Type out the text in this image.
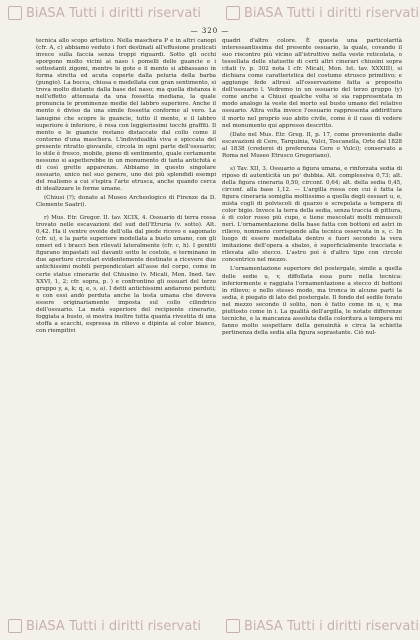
BiASA Tutti i diritti riservati	BiASA Tutti i diritti riservati
— 320 —

tecnica allo scopo artistico. Nella maschera P e in altri canopi (cfr. A, c) abbiamo veduto i fori destinati all'effusione praticati invece sulla faccia senza troppi riguardi. Sotto gli occhi sporgono molto vicini ai naso i pomelli delle guancie e i sottostanti zigomi, mentre le gote e il mento si abbassano in forma stretta ed acuta coperte dalla peluria della barba (pungio). La bocca, chiusa e modellata con gran sentimento, si trova molto distante dalla base del naso; ma quella distanza è nell'effetto attenuata da una fossetta mediana, la quale pronuncia le prominenze medie del labbro superiore. Anche il mento è diviso da una simile fossetta conforme al vero. La lanugine che scopre le guancie, tutto il mento, e il labbro superiore è inferiore, è resa con leggierissimi tocchi graffiti. Il mento e le guancie restano distaccate dal collo come il contorno d'una maschera. L'individualità viva e spiccata del presente ritratto giovanile, circola in ogni parte dell'ossuario; lo stile è fresco, mobile, pieno di sentimento, quale certamente nessuno si aspetterebbe in un monumento di tanta antichità e di così grette apparenze. Abbiamo in questo singolare ossuario, unico nel suo genere, uno dei più splendidi esempi del realismo a cui s'ispira l'arte etrusca, anche quando cerca di idealizzare le forme umane.

(Chiusi (?); donato al Museo Archeologico di Firenze da D. Clemente Saatri).

r) Mus. Etr. Gregor. II. tav. XCIX, 4. Ossuario di terra rossa trovato nelle escavazioni del sud dell'Etruria (v. sotto). Alt. 0,42. Ha il ventre ovoide dell'olla dal piede ricevo e sagomato (cfr. u), e la parte superiore modellata a busto umano, con gli omeri ed i bracci ben rilevati lateralmente (cfr. c, h). I genitti figurano impastati sul davanti sotto le costole, e terminano in due aperture circolari evidentemente destinate a ricevere due antichissimi mobili perpendicolari all'asse del corpo, come in certe statue cinerarie del Chiusino (v. Micali, Mon. Ined. tav. XXVI, 1, 2; cfr. sopra, p. ) e confrontino gli ossuari del terzo gruppo y, a, k; q, e, s, a). I detti antichissimi andarono perduti; e con essi andò perduta anche la testa umana che doveva essere originariamente imposta sul collo cilindrico dell'ossuario. La metà superiore del recipiente cinerario, foggiata a busto, si mostra inoltre tutta quanta rivestita di una stoffa a scacchi, espressa in rilievo e dipinta al color bianco, con riempitivi

quadri d'altro colore. È questa una particolarità interessantissima del presente ossuario, la quale, covando il suo riscontro più vicino all'istruttivo nella veste reticolata, o tessellata delle statuette di certi altri cinerari chiusini sopra citati (v. p. 302 nota I cfr. Micali, Mon. Ist. tav. XXXIII), si dichiara come caratteristica del costume etrusco primitivo; e aggiunge fede altresì all'osservazione fatta a proposito dell'ossuario l. Vedremo in un ossuario del terzo gruppo (y) come anche a Chiusi qualche volta si sia rappresentata in modo analogo la veste del morto sul busto umano del relativo ossuario. Altra volta invece l'ossuario rappresenta addirittura il morto nel proprio suo abito civile, come è il caso di vedere nel monumento qui appresso descritto.

(Dato nel Mus. Etr. Greg. II, p. 17, come proveniente dalle escavazioni di Cere, Tarquinia, Vulci, Toscanella, Orte dal 1828 al 1838 (crederei di preferenza Cere o Vulci); conservato a Roma nel Museo Etrusco Gregoriano).

s) Tav. XII, 3. Ossuario a figura umana, e rinforzata sedia di riposo di autenticità un po' dubbia. Alt. complessiva 0,73; alt. della figura cineraria 0,50, circonf. 0,64; alt. della sedia 0,45, circonf. alla base 1,12. — L'argilla rossa con cui è fatta la figura cineraria somiglia moltissimo a quella degli ossuari u, e, mista cogli di polviscoli di quarzo e screpolata a tempera di color bigio. Invece la terra della sedia, senza traccia di pittura, è di color rosso più cupo, e tiene mescolati molti minuscoli nerì. L'ornamentazione della base fatta con bottoni ed astri in rilievo, nonmeno corrisponde alla tecnica osservata in s, c. In luogo di essere modellata dentro e fuori secondo la vera imitazione dell'opera a sbalzo, è superficialmente tracciata e rilevata allo stecco. L'astro poi è d'altro tipo con circolo concentrico nel mezzo.

L'ornamentazione superiore del postergale, simile a quella delle sedie u, v, diffollata essa pure nella tecnica: inferiormente e raggiata l'ornamentazione a stecco di bottoni in rilievo; e nello stesso modo, ma tronca in alcune parti la sedia, è piegato di lato del postergale. Il fondo del sedile forato nel mezzo secondo il solito, non è fatto come in u, v, ma piuttosto come in i. La qualità dell'argilla, le notate differenze tecniche, e la mancanza assoluta della coloritura a tempera mi fanno molto sospettare della genuinità e circa la schietta pertinenza della sedia alla figura soprastante. Ciò nul-

BiASA Tutti i diritti riservati	BiASA Tutti i diritti riservati
